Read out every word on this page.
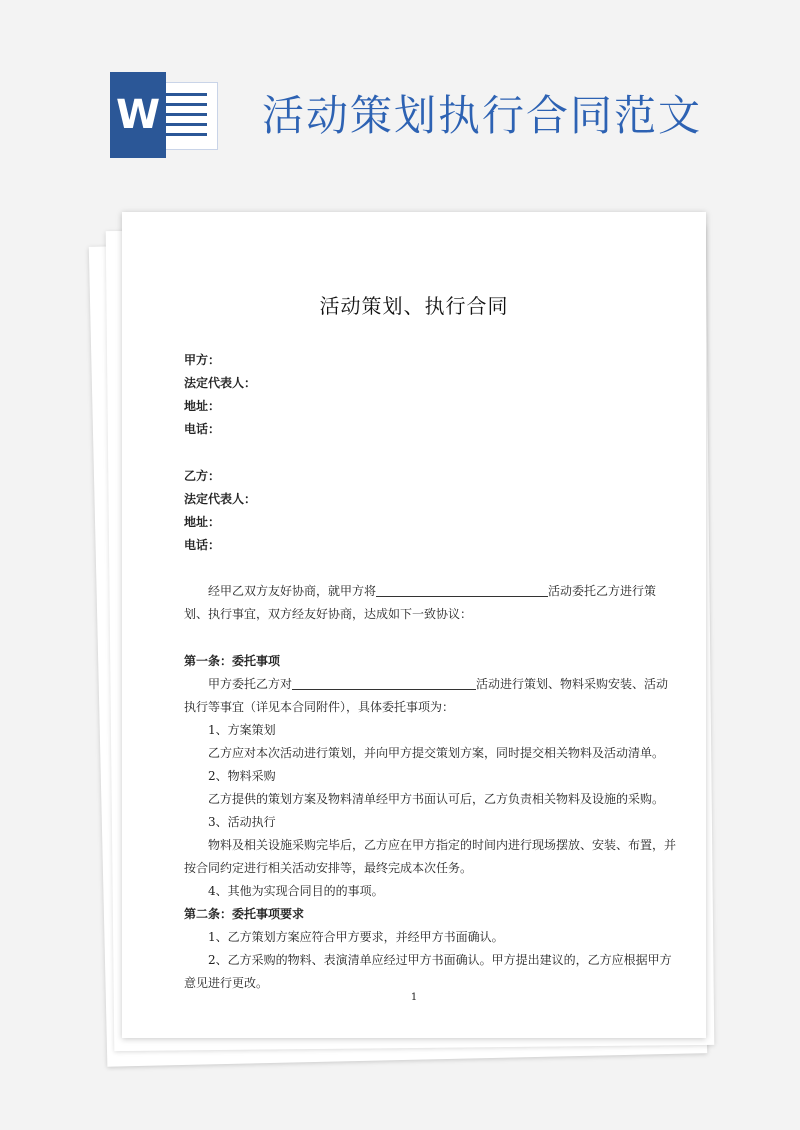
W 活动策划执行合同范文
活动策划、执行合同
甲方：
法定代表人：
地址：
电话：
乙方：
法定代表人：
地址：
电话：
经甲乙双方友好协商，就甲方将	活动委托乙方进行策
划、执行事宜，双方经友好协商，达成如下一致协议：
第一条：委托事项
甲方委托乙方对	活动进行策划、物料采购安装、活动
执行等事宜（详见本合同附件），具体委托事项为：
1、方案策划
乙方应对本次活动进行策划，并向甲方提交策划方案，同时提交相关物料及活动清单。
2、物料采购
乙方提供的策划方案及物料清单经甲方书面认可后，乙方负责相关物料及设施的采购。
3、活动执行
物料及相关设施采购完毕后，乙方应在甲方指定的时间内进行现场摆放、安装、布置，并
按合同约定进行相关活动安排等，最终完成本次任务。
4、其他为实现合同目的的事项。
第二条：委托事项要求
1、乙方策划方案应符合甲方要求，并经甲方书面确认。
2、乙方采购的物料、表演清单应经过甲方书面确认。甲方提出建议的，乙方应根据甲方
意见进行更改。
1
